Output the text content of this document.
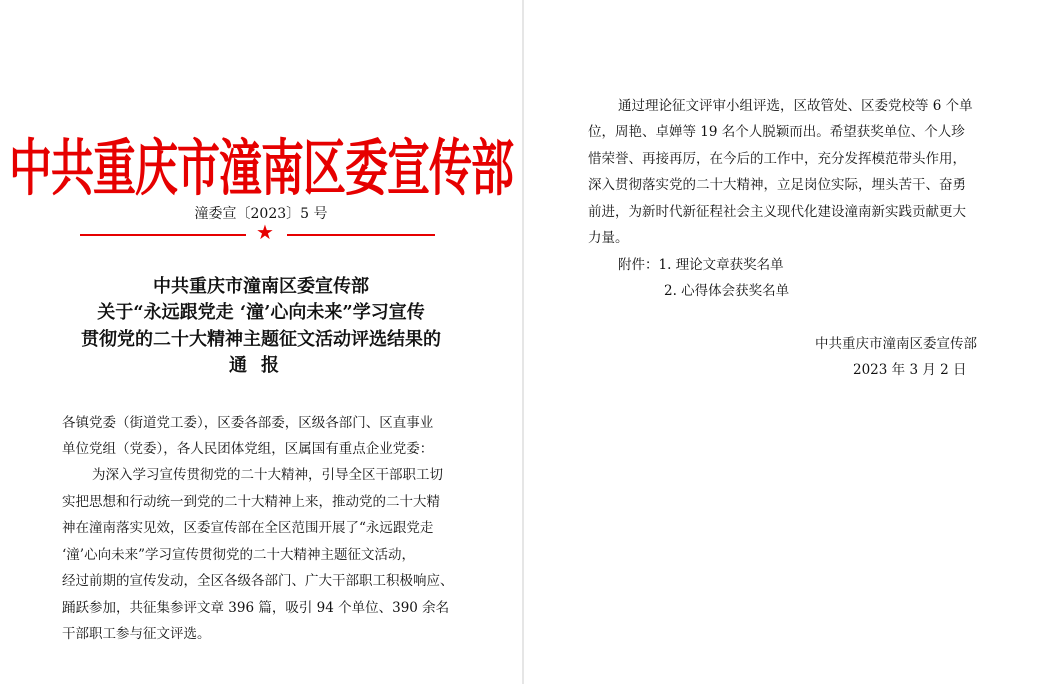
中共重庆市潼南区委宣传部
潼委宣〔2023〕5 号
★
中共重庆市潼南区委宣传部
关于“永远跟党走 ‘潼’心向未来”学习宣传
贯彻党的二十大精神主题征文活动评选结果的
通报
各镇党委（街道党工委），区委各部委，区级各部门、区直事业
单位党组（党委），各人民团体党组，区属国有重点企业党委：
为深入学习宣传贯彻党的二十大精神，引导全区干部职工切
实把思想和行动统一到党的二十大精神上来，推动党的二十大精
神在潼南落实见效，区委宣传部在全区范围开展了“永远跟党走
‘潼’心向未来”学习宣传贯彻党的二十大精神主题征文活动，
经过前期的宣传发动，全区各级各部门、广大干部职工积极响应、
踊跃参加，共征集参评文章 396 篇，吸引 94 个单位、390 余名
干部职工参与征文评选。
通过理论征文评审小组评选，区故管处、区委党校等 6 个单
位，周艳、卓婵等 19 名个人脱颖而出。希望获奖单位、个人珍
惜荣誉、再接再厉，在今后的工作中，充分发挥模范带头作用，
深入贯彻落实党的二十大精神，立足岗位实际，埋头苦干、奋勇
前进，为新时代新征程社会主义现代化建设潼南新实践贡献更大
力量。
附件：1. 理论文章获奖名单
2. 心得体会获奖名单
中共重庆市潼南区委宣传部
2023 年 3 月 2 日
